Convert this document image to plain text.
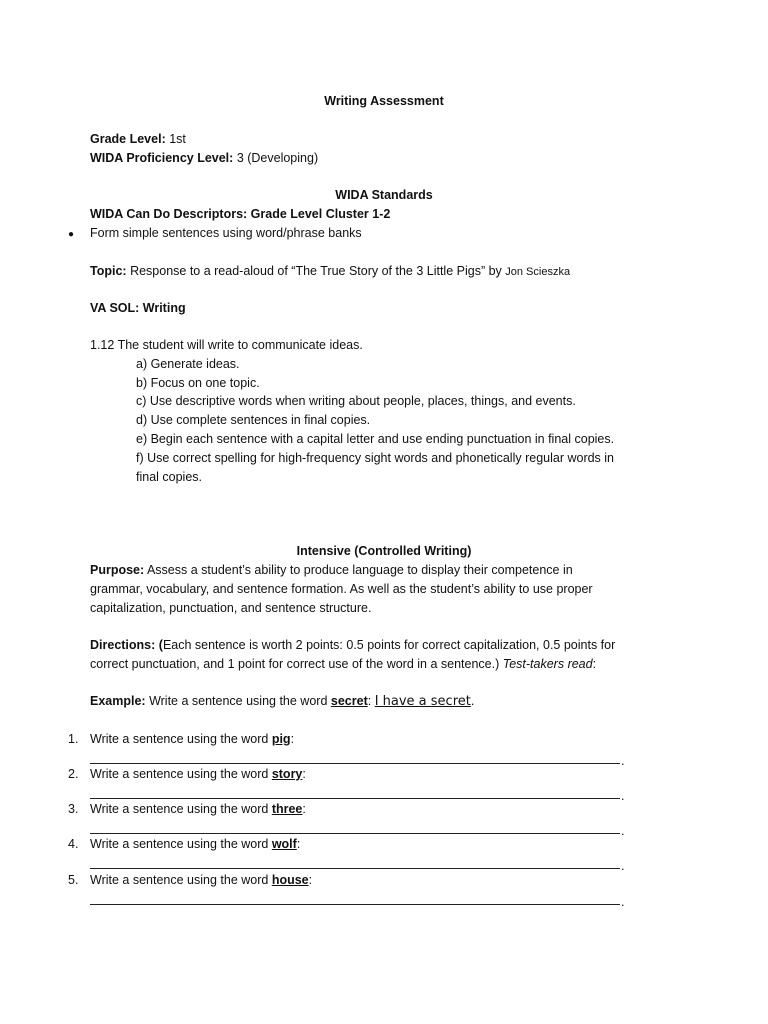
Writing Assessment
Grade Level: 1st
WIDA Proficiency Level: 3 (Developing)
WIDA Standards
WIDA Can Do Descriptors: Grade Level Cluster 1-2
● Form simple sentences using word/phrase banks
Topic: Response to a read-aloud of “The True Story of the 3 Little Pigs” by Jon Scieszka
VA SOL: Writing
1.12 The student will write to communicate ideas.
a) Generate ideas.
b) Focus on one topic.
c) Use descriptive words when writing about people, places, things, and events.
d) Use complete sentences in final copies.
e) Begin each sentence with a capital letter and use ending punctuation in final copies.
f) Use correct spelling for high-frequency sight words and phonetically regular words in
final copies.
Intensive (Controlled Writing)
Purpose: Assess a student’s ability to produce language to display their competence in
grammar, vocabulary, and sentence formation. As well as the student’s ability to use proper
capitalization, punctuation, and sentence structure.
Directions: (Each sentence is worth 2 points: 0.5 points for correct capitalization, 0.5 points for
correct punctuation, and 1 point for correct use of the word in a sentence.) Test-takers read:
Example: Write a sentence using the word secret: I have a secret.
1. Write a sentence using the word pig:
.
2. Write a sentence using the word story:
.
3. Write a sentence using the word three:
.
4. Write a sentence using the word wolf:
.
5. Write a sentence using the word house:
.
